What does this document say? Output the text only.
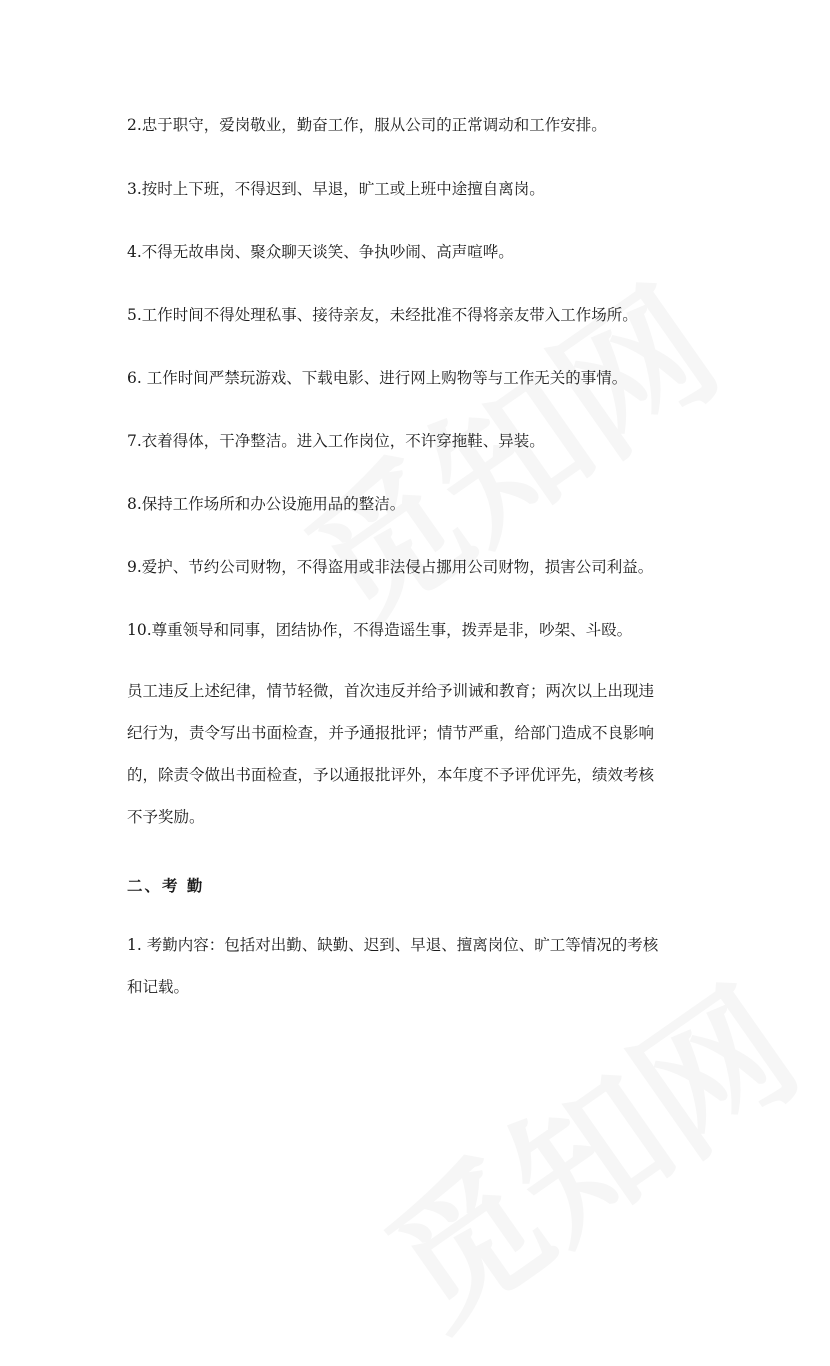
2.忠于职守，爱岗敬业，勤奋工作，服从公司的正常调动和工作安排。
3.按时上下班，不得迟到、早退，旷工或上班中途擅自离岗。
4.不得无故串岗、聚众聊天谈笑、争执吵闹、高声喧哗。
5.工作时间不得处理私事、接待亲友，未经批准不得将亲友带入工作场所。
6. 工作时间严禁玩游戏、下载电影、进行网上购物等与工作无关的事情。
7.衣着得体，干净整洁。进入工作岗位，不许穿拖鞋、异装。
8.保持工作场所和办公设施用品的整洁。
9.爱护、节约公司财物，不得盗用或非法侵占挪用公司财物，损害公司利益。
10.尊重领导和同事，团结协作，不得造谣生事，拨弄是非，吵架、斗殴。
员工违反上述纪律，情节轻微，首次违反并给予训诫和教育；两次以上出现违
纪行为，责令写出书面检查，并予通报批评；情节严重，给部门造成不良影响
的，除责令做出书面检查，予以通报批评外，本年度不予评优评先，绩效考核
不予奖励。
二、考 勤
1. 考勤内容：包括对出勤、缺勤、迟到、早退、擅离岗位、旷工等情况的考核
和记载。
